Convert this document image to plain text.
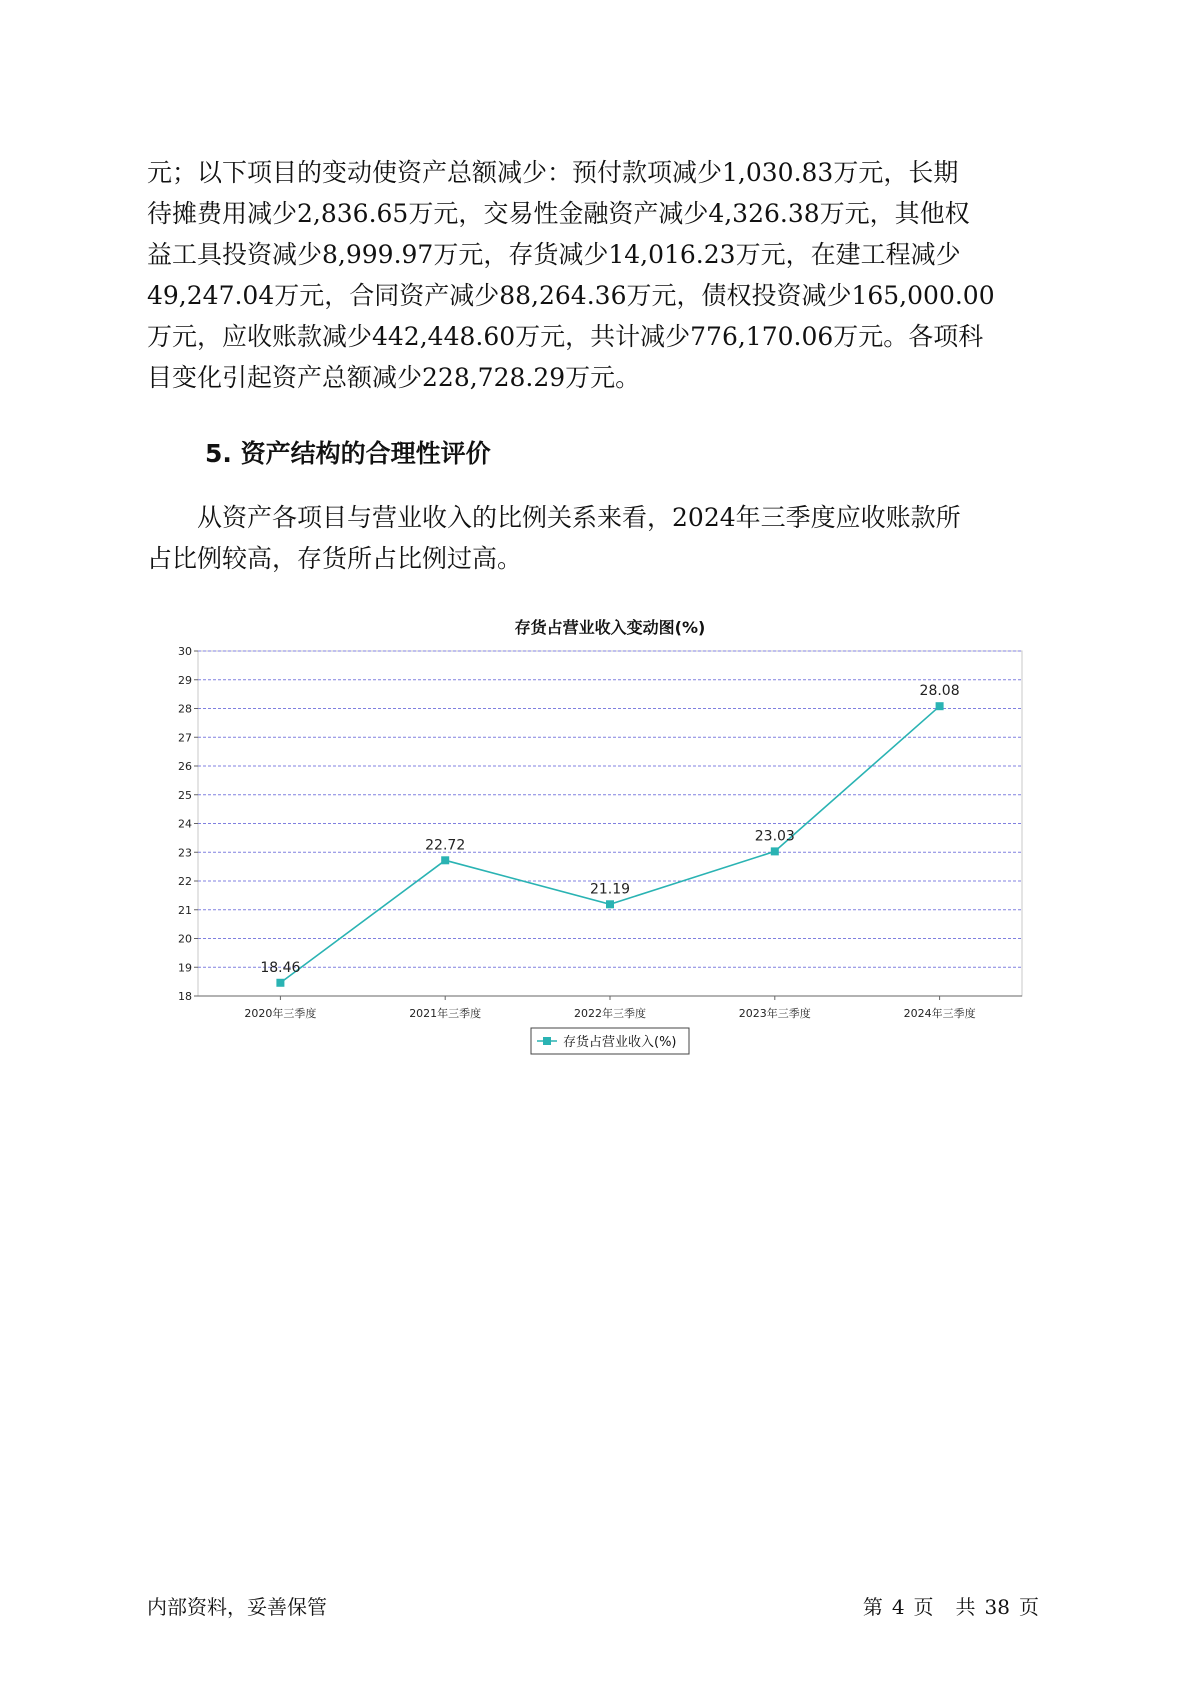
元；以下项目的变动使资产总额减少：预付款项减少1,030.83万元，长期
待摊费用减少2,836.65万元，交易性金融资产减少4,326.38万元，其他权
益工具投资减少8,999.97万元，存货减少14,016.23万元，在建工程减少
49,247.04万元，合同资产减少88,264.36万元，债权投资减少165,000.00
万元，应收账款减少442,448.60万元，共计减少776,170.06万元。各项科
目变化引起资产总额减少228,728.29万元。
5. 资产结构的合理性评价
　　从资产各项目与营业收入的比例关系来看，2024年三季度应收账款所
占比例较高，存货所占比例过高。
存货占营业收入变动图(%)
18
19
20
21
22
23
24
25
26
27
28
29
30
2020年三季度	2021年三季度	2022年三季度	2023年三季度	2024年三季度
18.46
22.72
21.19
23.03
28.08
存货占营业收入(%)
内部资料，妥善保管	第 4 页 共 38 页
